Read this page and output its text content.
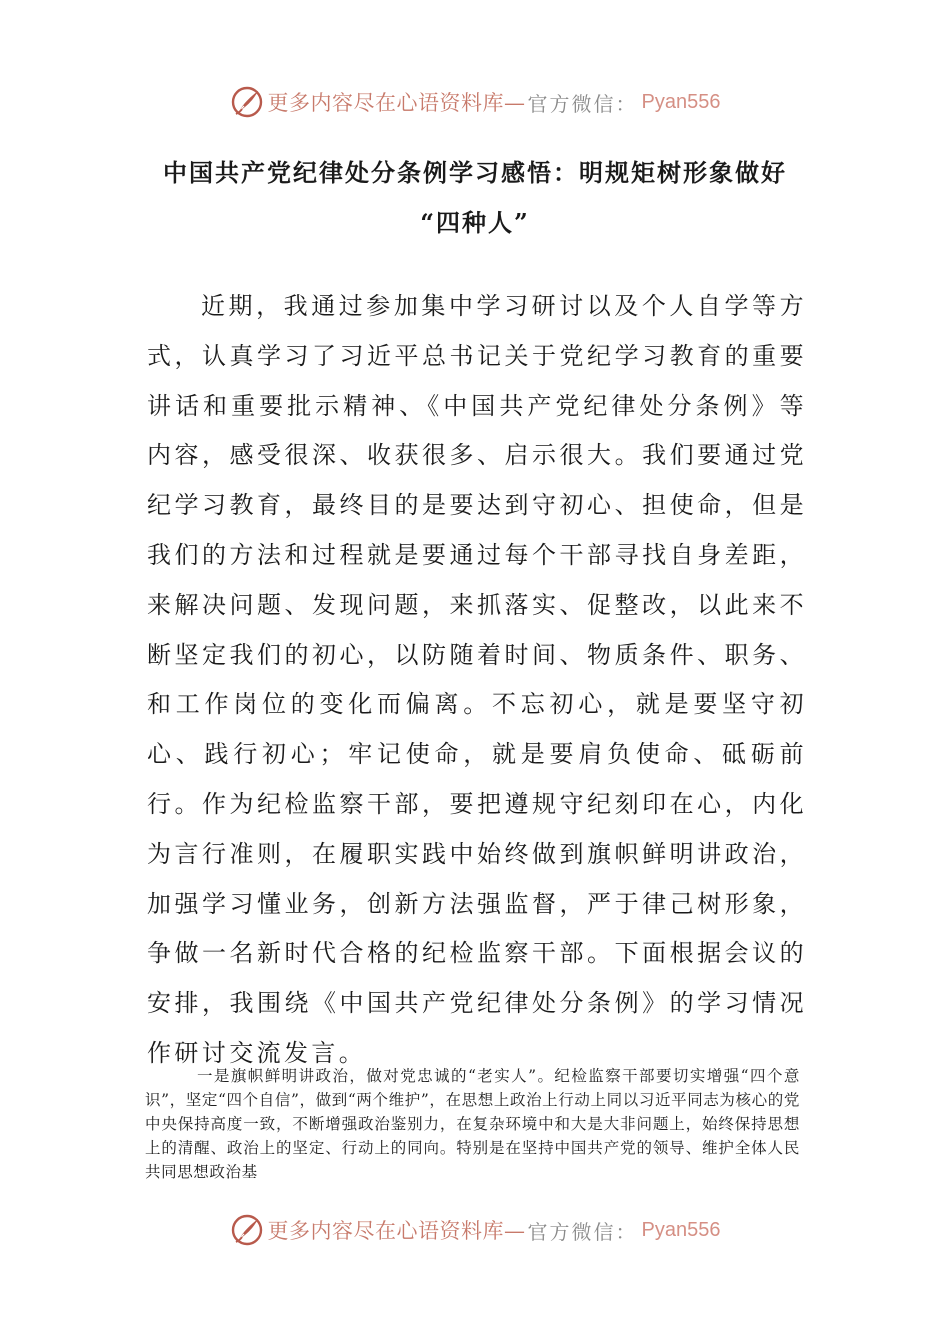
更多内容尽在心语资料库— 官方微信： Pyan556
中国共产党纪律处分条例学习感悟：明规矩树形象做好
“四种人”

近期，我通过参加集中学习研讨以及个人自学等方式，认真学习了习近平总书记关于党纪学习教育的重要讲话和重要批示精神、《中国共产党纪律处分条例》等内容，感受很深、收获很多、启示很大。我们要通过党纪学习教育，最终目的是要达到守初心、担使命，但是我们的方法和过程就是要通过每个干部寻找自身差距，来解决问题、发现问题，来抓落实、促整改，以此来不断坚定我们的初心，以防随着时间、物质条件、职务、和工作岗位的变化而偏离。不忘初心，就是要坚守初心、践行初心；牢记使命，就是要肩负使命、砥砺前行。作为纪检监察干部，要把遵规守纪刻印在心，内化为言行准则，在履职实践中始终做到旗帜鲜明讲政治，加强学习懂业务，创新方法强监督，严于律己树形象，争做一名新时代合格的纪检监察干部。下面根据会议的安排，我围绕《中国共产党纪律处分条例》的学习情况作研讨交流发言。

一是旗帜鲜明讲政治，做对党忠诚的“老实人”。纪检监察干部要切实增强“四个意识”，坚定“四个自信”，做到“两个维护”，在思想上政治上行动上同以习近平同志为核心的党中央保持高度一致，不断增强政治鉴别力，在复杂环境中和大是大非问题上，始终保持思想上的清醒、政治上的坚定、行动上的同向。特别是在坚持中国共产党的领导、维护全体人民共同思想政治基

更多内容尽在心语资料库— 官方微信： Pyan556
